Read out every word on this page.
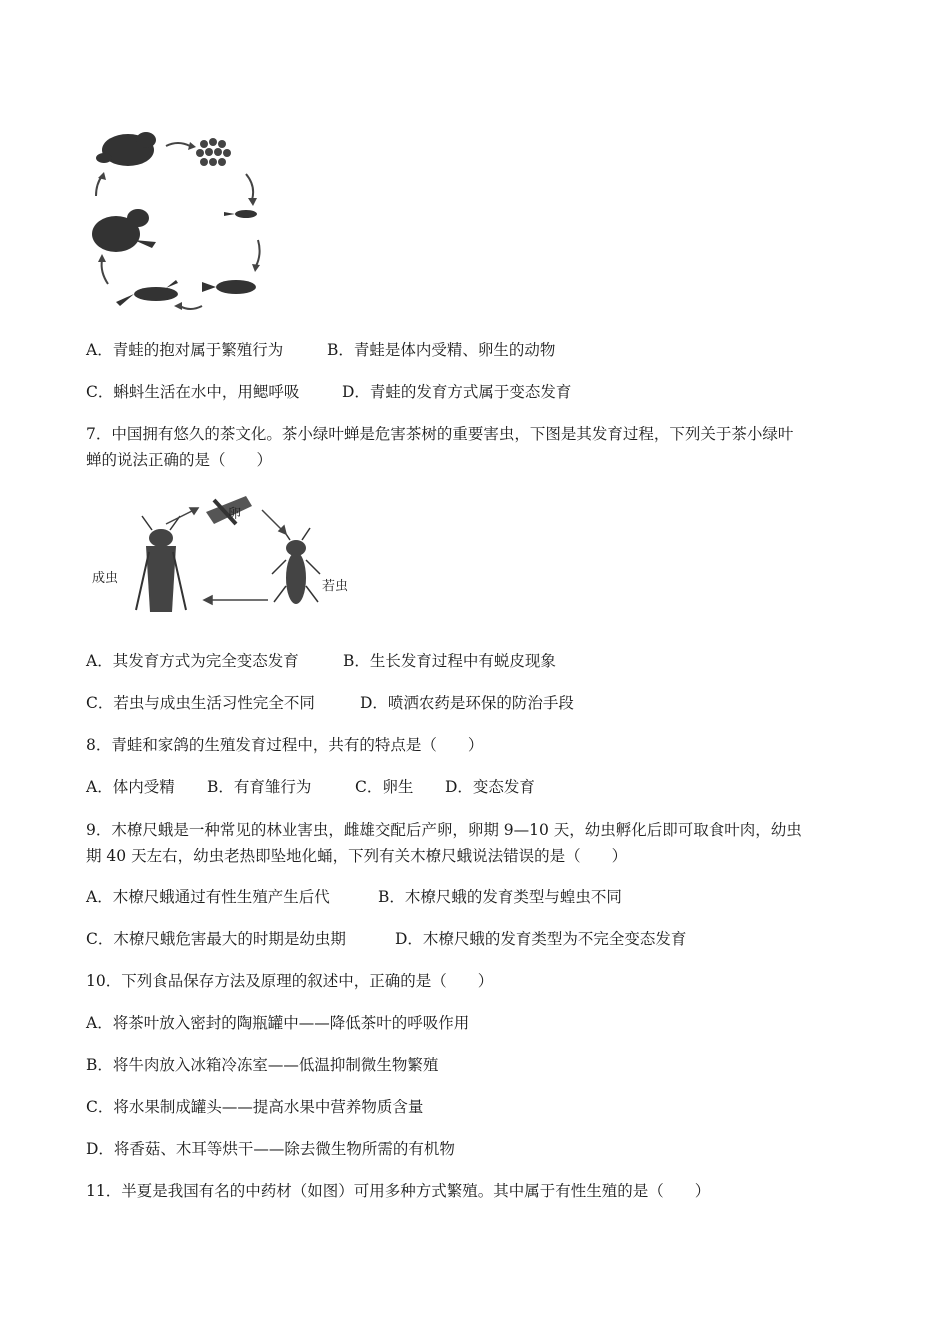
A．青蛙的抱对属于繁殖行为	B．青蛙是体内受精、卵生的动物
C．蝌蚪生活在水中，用鳃呼吸	D．青蛙的发育方式属于变态发育
7．中国拥有悠久的茶文化。茶小绿叶蝉是危害茶树的重要害虫，下图是其发育过程，下列关于茶小绿叶
蝉的说法正确的是（　　）
卵
成虫
若虫
A．其发育方式为完全变态发育	B．生长发育过程中有蜕皮现象
C．若虫与成虫生活习性完全不同	D．喷洒农药是环保的防治手段
8．青蛙和家鸽的生殖发育过程中，共有的特点是（　　）
A．体内受精 B．有育雏行为	C．卵生 D．变态发育
9．木橑尺蛾是一种常见的林业害虫，雌雄交配后产卵，卵期 9—10 天，幼虫孵化后即可取食叶肉，幼虫
期 40 天左右，幼虫老热即坠地化蛹，下列有关木橑尺蛾说法错误的是（　　）
A．木橑尺蛾通过有性生殖产生后代	B．木橑尺蛾的发育类型与蝗虫不同
C．木橑尺蛾危害最大的时期是幼虫期	D．木橑尺蛾的发育类型为不完全变态发育
10．下列食品保存方法及原理的叙述中，正确的是（　　）
A．将茶叶放入密封的陶瓶罐中——降低茶叶的呼吸作用
B．将牛肉放入冰箱冷冻室——低温抑制微生物繁殖
C．将水果制成罐头——提高水果中营养物质含量
D．将香菇、木耳等烘干——除去微生物所需的有机物
11．半夏是我国有名的中药材（如图）可用多种方式繁殖。其中属于有性生殖的是（　　）
